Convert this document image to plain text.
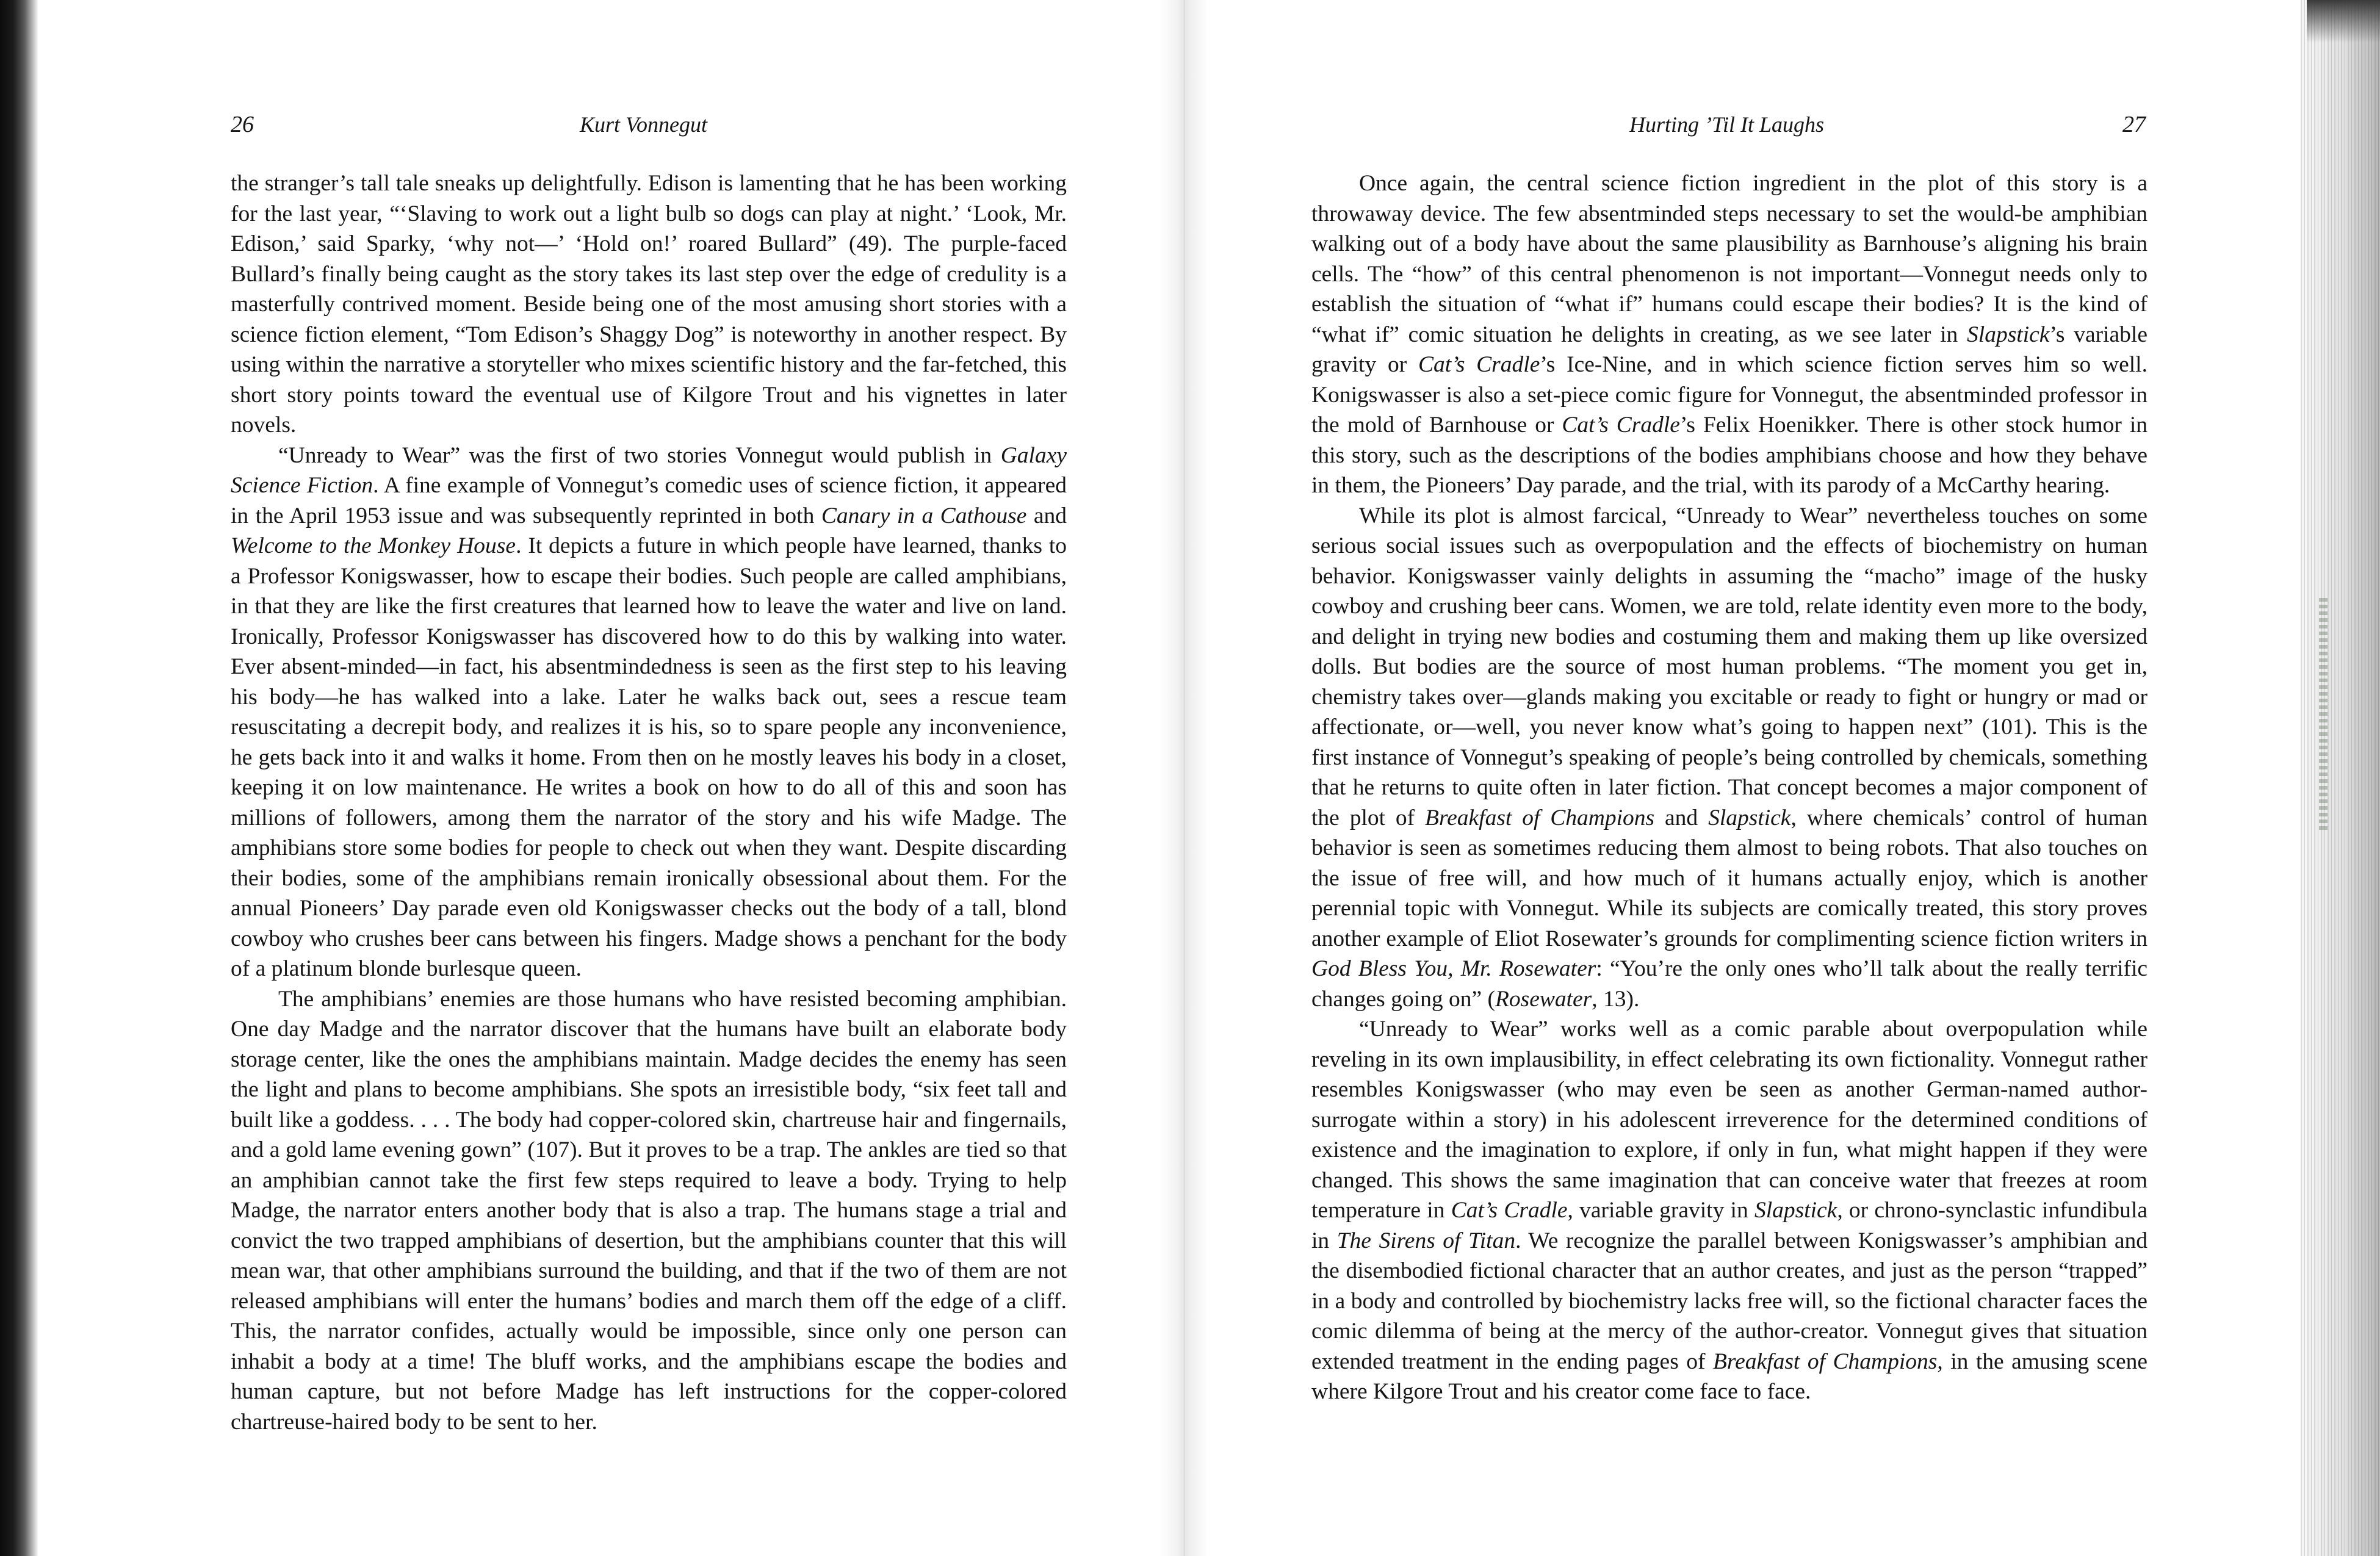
26	Kurt Vonnegut

the stranger’s tall tale sneaks up delightfully. Edison is lamenting that he has been working for the last year, “‘Slaving to work out a light bulb so dogs can play at night.’ ‘Look, Mr. Edison,’ said Sparky, ‘why not—’ ‘Hold on!’ roared Bullard” (49). The purple-faced Bullard’s finally being caught as the story takes its last step over the edge of credulity is a masterfully contrived moment. Beside being one of the most amusing short stories with a science fiction element, “Tom Edison’s Shaggy Dog” is noteworthy in another respect. By using within the narrative a storyteller who mixes scientific history and the far-fetched, this short story points toward the eventual use of Kilgore Trout and his vignettes in later novels.

“Unready to Wear” was the first of two stories Vonnegut would publish in Galaxy Science Fiction. A fine example of Vonnegut’s comedic uses of science fiction, it appeared in the April 1953 issue and was subsequently reprinted in both Canary in a Cathouse and Welcome to the Monkey House. It depicts a future in which people have learned, thanks to a Professor Konigswasser, how to escape their bodies. Such people are called amphibians, in that they are like the first creatures that learned how to leave the water and live on land. Ironically, Professor Konigswasser has discovered how to do this by walking into water. Ever absent-minded—in fact, his absentmindedness is seen as the first step to his leaving his body—he has walked into a lake. Later he walks back out, sees a rescue team resuscitating a decrepit body, and realizes it is his, so to spare people any inconvenience, he gets back into it and walks it home. From then on he mostly leaves his body in a closet, keeping it on low maintenance. He writes a book on how to do all of this and soon has millions of followers, among them the narrator of the story and his wife Madge. The amphibians store some bodies for people to check out when they want. Despite discarding their bodies, some of the amphibians remain ironically obsessional about them. For the annual Pioneers’ Day parade even old Konigswasser checks out the body of a tall, blond cowboy who crushes beer cans between his fingers. Madge shows a penchant for the body of a platinum blonde burlesque queen.

The amphibians’ enemies are those humans who have resisted becoming amphibian. One day Madge and the narrator discover that the humans have built an elaborate body storage center, like the ones the amphibians maintain. Madge decides the enemy has seen the light and plans to become amphibians. She spots an irresistible body, “six feet tall and built like a goddess. . . . The body had copper-colored skin, chartreuse hair and fingernails, and a gold lame evening gown” (107). But it proves to be a trap. The ankles are tied so that an amphibian cannot take the first few steps required to leave a body. Trying to help Madge, the narrator enters another body that is also a trap. The humans stage a trial and convict the two trapped amphibians of desertion, but the amphibians counter that this will mean war, that other amphibians surround the building, and that if the two of them are not released amphibians will enter the humans’ bodies and march them off the edge of a cliff. This, the narrator confides, actually would be impossible, since only one person can inhabit a body at a time! The bluff works, and the amphibians escape the bodies and human capture, but not before Madge has left instructions for the copper-colored chartreuse-haired body to be sent to her.

Hurting ’Til It Laughs	27

Once again, the central science fiction ingredient in the plot of this story is a throwaway device. The few absentminded steps necessary to set the would-be amphibian walking out of a body have about the same plausibility as Barnhouse’s aligning his brain cells. The “how” of this central phenomenon is not important—Vonnegut needs only to establish the situation of “what if” humans could escape their bodies? It is the kind of “what if” comic situation he delights in creating, as we see later in Slapstick’s variable gravity or Cat’s Cradle’s Ice-Nine, and in which science fiction serves him so well. Konigswasser is also a set-piece comic figure for Vonnegut, the absentminded professor in the mold of Barnhouse or Cat’s Cradle’s Felix Hoenikker. There is other stock humor in this story, such as the descriptions of the bodies amphibians choose and how they behave in them, the Pioneers’ Day parade, and the trial, with its parody of a McCarthy hearing.

While its plot is almost farcical, “Unready to Wear” nevertheless touches on some serious social issues such as overpopulation and the effects of biochemistry on human behavior. Konigswasser vainly delights in assuming the “macho” image of the husky cowboy and crushing beer cans. Women, we are told, relate identity even more to the body, and delight in trying new bodies and costuming them and making them up like oversized dolls. But bodies are the source of most human problems. “The moment you get in, chemistry takes over—glands making you excitable or ready to fight or hungry or mad or affectionate, or—well, you never know what’s going to happen next” (101). This is the first instance of Vonnegut’s speaking of people’s being controlled by chemicals, something that he returns to quite often in later fiction. That concept becomes a major component of the plot of Breakfast of Champions and Slapstick, where chemicals’ control of human behavior is seen as sometimes reducing them almost to being robots. That also touches on the issue of free will, and how much of it humans actually enjoy, which is another perennial topic with Vonnegut. While its subjects are comically treated, this story proves another example of Eliot Rosewater’s grounds for complimenting science fiction writers in God Bless You, Mr. Rosewater: “You’re the only ones who’ll talk about the really terrific changes going on” (Rosewater, 13).

“Unready to Wear” works well as a comic parable about overpopulation while reveling in its own implausibility, in effect celebrating its own fictionality. Vonnegut rather resembles Konigswasser (who may even be seen as another German-named author-surrogate within a story) in his adolescent irreverence for the determined conditions of existence and the imagination to explore, if only in fun, what might happen if they were changed. This shows the same imagination that can conceive water that freezes at room temperature in Cat’s Cradle, variable gravity in Slapstick, or chrono-synclastic infundibula in The Sirens of Titan. We recognize the parallel between Konigswasser’s amphibian and the disembodied fictional character that an author creates, and just as the person “trapped” in a body and controlled by biochemistry lacks free will, so the fictional character faces the comic dilemma of being at the mercy of the author-creator. Vonnegut gives that situation extended treatment in the ending pages of Breakfast of Champions, in the amusing scene where Kilgore Trout and his creator come face to face.
